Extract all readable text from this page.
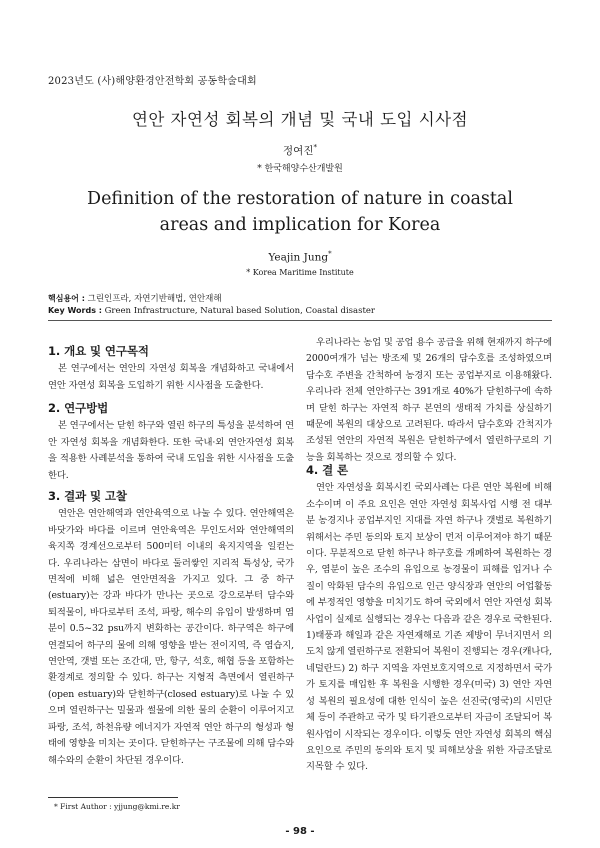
2023년도 (사)해양환경안전학회 공동학술대회
연안 자연성 회복의 개념 및 국내 도입 시사점
정여진*
* 한국해양수산개발원
Definition of the restoration of nature in coastal areas and implication for Korea
Yeajin Jung*
* Korea Maritime Institute
핵심용어 : 그린인프라, 자연기반해법, 연안재해
Key Words : Green Infrastructure, Natural based Solution, Coastal disaster
1. 개요 및 연구목적

본 연구에서는 연안의 자연성 회복을 개념화하고 국내에서 연안 자연성 회복을 도입하기 위한 시사점을 도출한다.

2. 연구방법

본 연구에서는 닫힌 하구와 열린 하구의 특성을 분석하여 연안 자연성 회복을 개념화한다. 또한 국내·외 연안자연성 회복을 적용한 사례분석을 통하여 국내 도입을 위한 시사점을 도출한다.

3. 결과 및 고찰

연안은 연안해역과 연안육역으로 나눌 수 있다. 연안해역은 바닷가와 바다를 이르며 연안육역은 무인도서와 연안해역의 육지쪽 경계선으로부터 500미터 이내의 육지지역을 일컫는다. 우리나라는 삼면이 바다로 둘러쌓인 지리적 특성상, 국가면적에 비해 넓은 연안면적을 가지고 있다. 그 중 하구(estuary)는 강과 바다가 만나는 곳으로 강으로부터 담수와 퇴적물이, 바다로부터 조석, 파랑, 해수의 유입이 발생하며 염분이 0.5~32 psu까지 변화하는 공간이다. 하구역은 하구에 연결되어 하구의 물에 의해 영향을 받는 전이지역, 즉 염습지, 연안역, 갯벌 또는 조간대, 만, 항구, 석호, 해협 등을 포함하는 환경계로 정의할 수 있다. 하구는 지형적 측면에서 열린하구(open estuary)와 닫힌하구(closed estuary)로 나눌 수 있으며 열린하구는 밀물과 썰물에 의한 물의 순환이 이루어지고 파랑, 조석, 하천유량 에너지가 자연적 연안 하구의 형성과 형태에 영향을 미치는 곳이다. 닫힌하구는 구조물에 의해 담수와 해수와의 순환이 차단된 경우이다.

우리나라는 농업 및 공업 용수 공급을 위해 현재까지 하구에 2000여개가 넘는 방조제 및 26개의 담수호를 조성하였으며 담수호 주변을 간척하여 농경지 또는 공업부지로 이용해왔다. 우리나라 전체 연안하구는 391개로 40%가 닫힌하구에 속하며 닫힌 하구는 자연적 하구 본연의 생태적 가치를 상실하기 때문에 복원의 대상으로 고려된다. 따라서 담수호와 간척지가 조성된 연안의 자연적 복원은 닫힌하구에서 열린하구로의 기능을 회복하는 것으로 정의할 수 있다.

4. 결 론

연안 자연성을 회복시킨 국외사례는 다른 연안 복원에 비해 소수이며 이 주요 요인은 연안 자연성 회복사업 시행 전 대부분 농경지나 공업부지인 지대를 자연 하구나 갯벌로 복원하기 위해서는 주민 동의와 토지 보상이 먼저 이루어져야 하기 때문이다. 무분적으로 닫힌 하구나 하구호를 개폐하여 복원하는 경우, 염분이 높은 조수의 유입으로 농경물이 피해를 입거나 수질이 악화된 담수의 유입으로 인근 양식장과 연안의 어업활동에 부정적인 영향을 미치기도 하여 국외에서 연안 자연성 회복사업이 실제로 실행되는 경우는 다음과 같은 경우로 국한된다. 1)태풍과 해일과 같은 자연재해로 기존 제방이 무너지면서 의도치 않게 열린하구로 전환되어 복원이 진행되는 경우(캐나다, 네덜란드) 2) 하구 지역을 자연보호지역으로 지정하면서 국가가 토지를 매입한 후 복원을 시행한 경우(미국) 3) 연안 자연성 복원의 필요성에 대한 인식이 높은 선진국(영국)의 시민단체 등이 주관하고 국가 및 타기관으로부터 자금이 조달되어 복원사업이 시작되는 경우이다. 이렇듯 연안 자연성 회복의 핵심요인으로 주민의 동의와 토지 및 피해보상을 위한 자금조달로 지목할 수 있다.

* First Author : yjjung@kmi.re.kr
- 98 -
